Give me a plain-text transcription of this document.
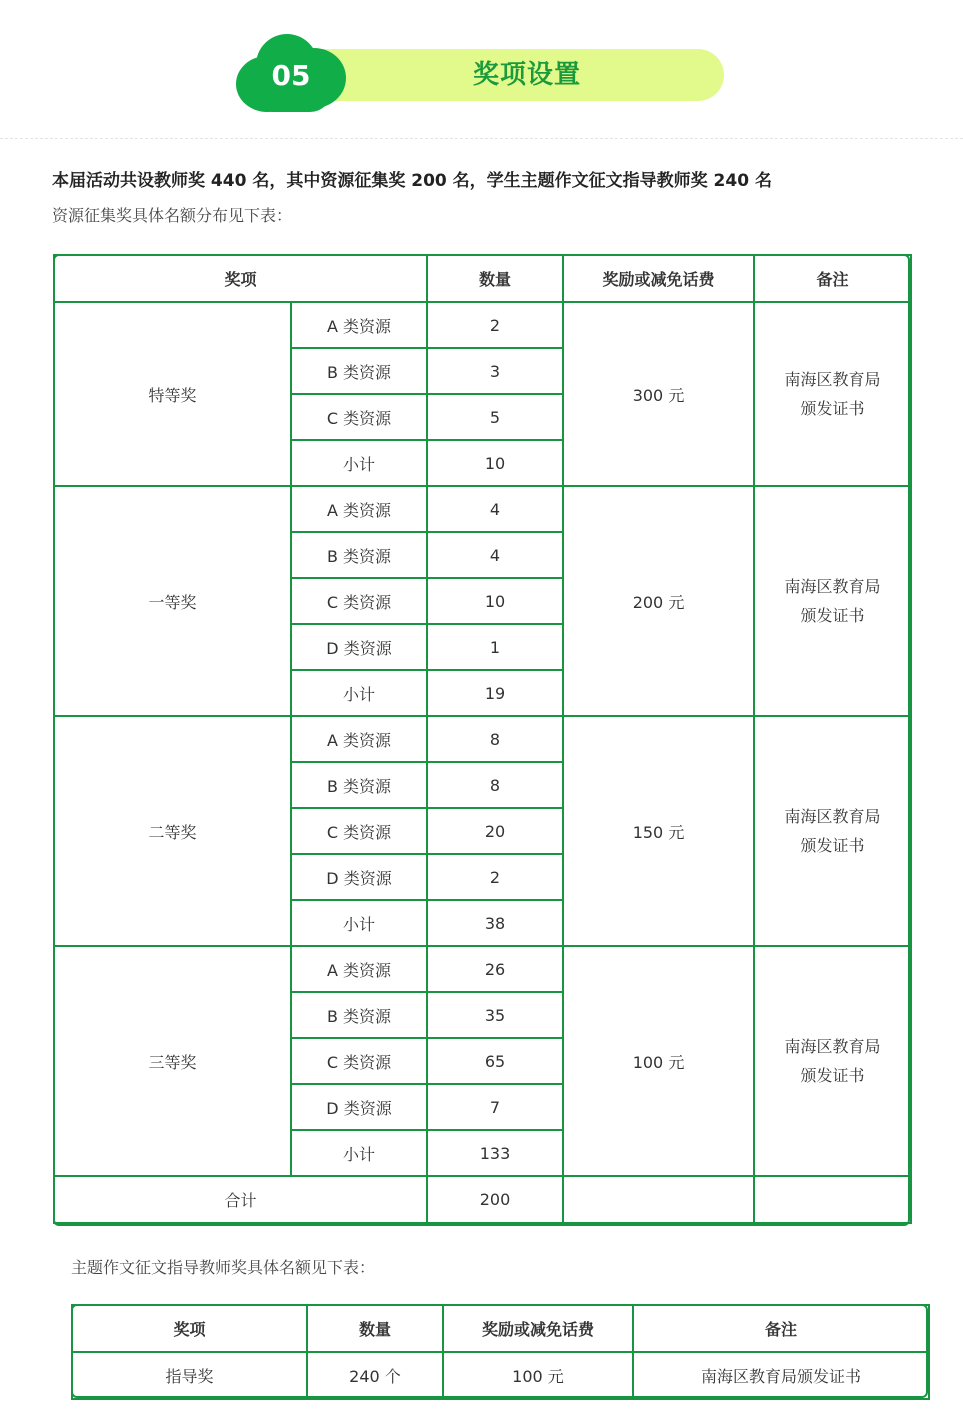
奖项设置
05
本届活动共设教师奖 440 名，其中资源征集奖 200 名，学生主题作文征文指导教师奖 240 名
资源征集奖具体名额分布见下表：
奖项		数量	奖励或减免话费	备注
特等奖	A 类资源	2	300 元	南海区教育局
颁发证书
	B 类资源	3		
	C 类资源	5		
	小计	10		
一等奖	A 类资源	4	200 元	南海区教育局
颁发证书
	B 类资源	4		
	C 类资源	10		
	D 类资源	1		
	小计	19		
二等奖	A 类资源	8	150 元	南海区教育局
颁发证书
	B 类资源	8		
	C 类资源	20		
	D 类资源	2		
	小计	38		
三等奖	A 类资源	26	100 元	南海区教育局
颁发证书
	B 类资源	35		
	C 类资源	65		
	D 类资源	7		
	小计	133		
合计		200		
主题作文征文指导教师奖具体名额见下表：
奖项	数量	奖励或减免话费	备注
指导奖	240 个	100 元	南海区教育局颁发证书
